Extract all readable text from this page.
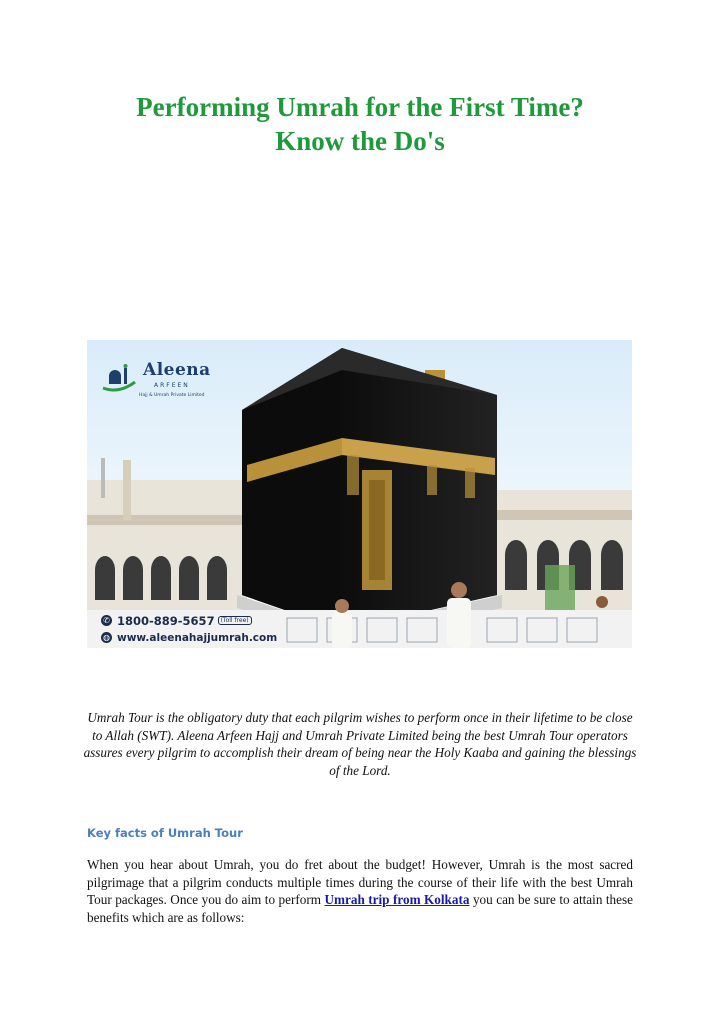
Performing Umrah for the First Time?
Know the Do's
Aleena
ARFEEN
Hajj & Umrah Private Limited
✆ 1800-889-5657	(Toll free)
◍ www.aleenahajjumrah.com
Umrah Tour is the obligatory duty that each pilgrim wishes to perform once in their lifetime to be close to Allah (SWT). Aleena Arfeen Hajj and Umrah Private Limited being the best Umrah Tour operators assures every pilgrim to accomplish their dream of being near the Holy Kaaba and gaining the blessings of the Lord.
Key facts of Umrah Tour
When you hear about Umrah, you do fret about the budget! However, Umrah is the most sacred pilgrimage that a pilgrim conducts multiple times during the course of their life with the best Umrah Tour packages. Once you do aim to perform Umrah trip from Kolkata you can be sure to attain these benefits which are as follows:
